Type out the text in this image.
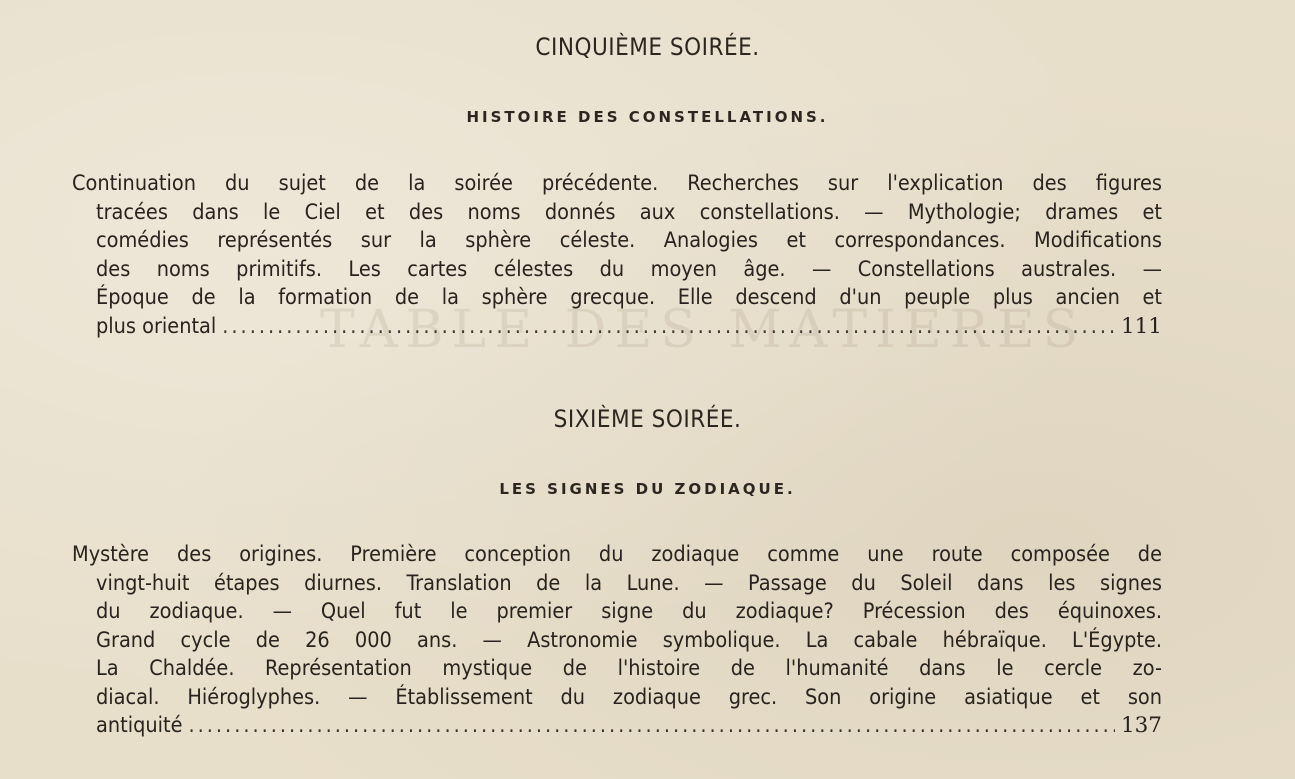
TABLE DES MATIÈRES
CINQUIÈME SOIRÉE.
HISTOIRE DES CONSTELLATIONS.
Continuation du sujet de la soirée précédente. Recherches sur l'explication des figures
tracées dans le Ciel et des noms donnés aux constellations. — Mythologie; drames et
comédies représentés sur la sphère céleste. Analogies et correspondances. Modifications
des noms primitifs. Les cartes célestes du moyen âge. — Constellations australes. —
Époque de la formation de la sphère grecque. Elle descend d'un peuple plus ancien et
plus oriental .....	111
SIXIÈME SOIRÉE.
LES SIGNES DU ZODIAQUE.
Mystère des origines. Première conception du zodiaque comme une route composée de
vingt-huit étapes diurnes. Translation de la Lune. — Passage du Soleil dans les signes
du zodiaque. — Quel fut le premier signe du zodiaque? Précession des équinoxes.
Grand cycle de 26 000 ans. — Astronomie symbolique. La cabale hébraïque. L'Égypte.
La Chaldée. Représentation mystique de l'histoire de l'humanité dans le cercle zo-
diacal. Hiéroglyphes. — Établissement du zodiaque grec. Son origine asiatique et son
antiquité .....	137
